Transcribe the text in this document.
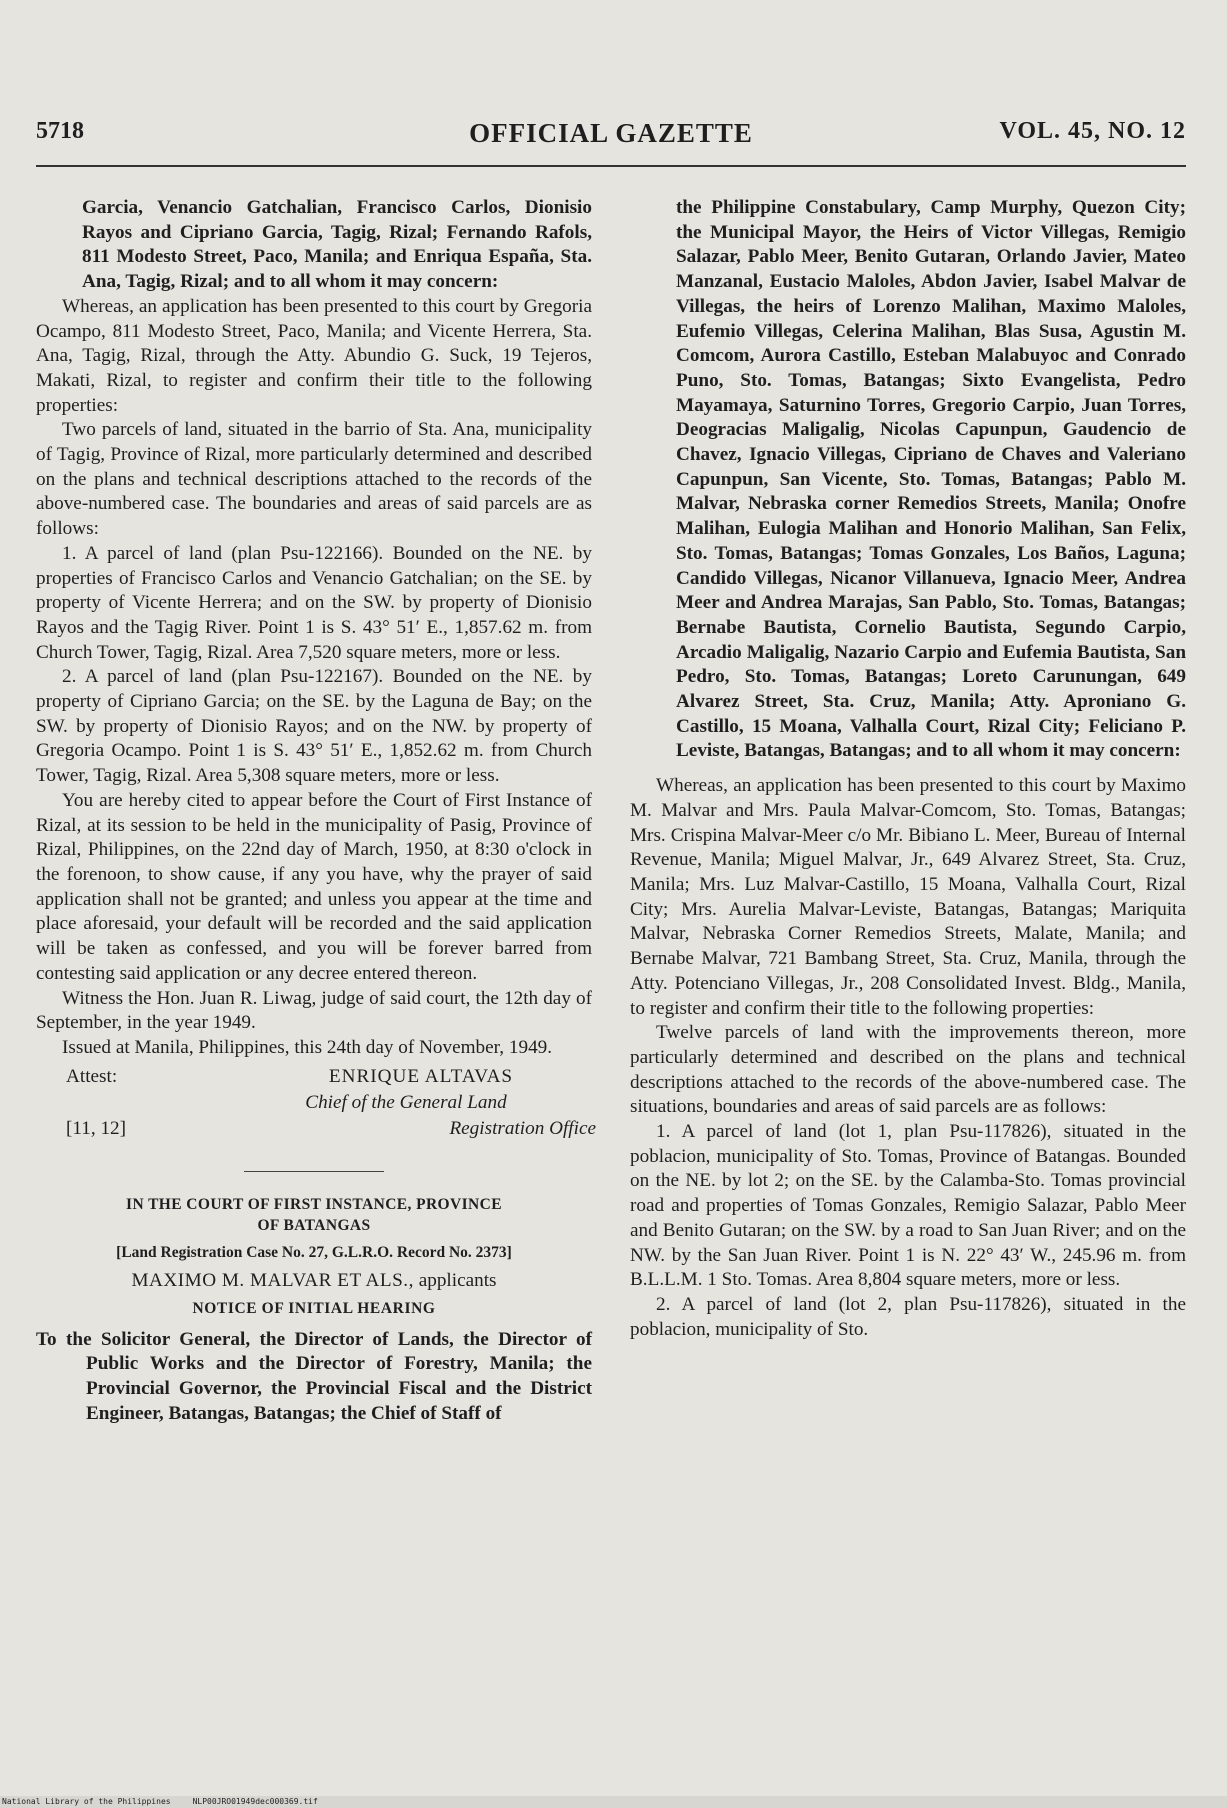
5718	OFFICIAL GAZETTE	VOL. 45, NO. 12

Garcia, Venancio Gatchalian, Francisco Carlos, Dionisio Rayos and Cipriano Garcia, Tagig, Rizal; Fernando Rafols, 811 Modesto Street, Paco, Manila; and Enriqua España, Sta. Ana, Tagig, Rizal; and to all whom it may concern:

Whereas, an application has been presented to this court by Gregoria Ocampo, 811 Modesto Street, Paco, Manila; and Vicente Herrera, Sta. Ana, Tagig, Rizal, through the Atty. Abundio G. Suck, 19 Tejeros, Makati, Rizal, to register and confirm their title to the following properties:

Two parcels of land, situated in the barrio of Sta. Ana, municipality of Tagig, Province of Rizal, more particularly determined and described on the plans and technical descriptions attached to the records of the above-numbered case. The boundaries and areas of said parcels are as follows:

1. A parcel of land (plan Psu-122166). Bounded on the NE. by properties of Francisco Carlos and Venancio Gatchalian; on the SE. by property of Vicente Herrera; and on the SW. by property of Dionisio Rayos and the Tagig River. Point 1 is S. 43° 51′ E., 1,857.62 m. from Church Tower, Tagig, Rizal. Area 7,520 square meters, more or less.

2. A parcel of land (plan Psu-122167). Bounded on the NE. by property of Cipriano Garcia; on the SE. by the Laguna de Bay; on the SW. by property of Dionisio Rayos; and on the NW. by property of Gregoria Ocampo. Point 1 is S. 43° 51′ E., 1,852.62 m. from Church Tower, Tagig, Rizal. Area 5,308 square meters, more or less.

You are hereby cited to appear before the Court of First Instance of Rizal, at its session to be held in the municipality of Pasig, Province of Rizal, Philippines, on the 22nd day of March, 1950, at 8:30 o'clock in the forenoon, to show cause, if any you have, why the prayer of said application shall not be granted; and unless you appear at the time and place aforesaid, your default will be recorded and the said application will be taken as confessed, and you will be forever barred from contesting said application or any decree entered thereon.

Witness the Hon. Juan R. Liwag, judge of said court, the 12th day of September, in the year 1949.

Issued at Manila, Philippines, this 24th day of November, 1949.

Attest:	ENRIQUE ALTAVAS
Chief of the General Land
Registration Office
[11, 12]
IN THE COURT OF FIRST INSTANCE, PROVINCE
OF BATANGAS
[Land Registration Case No. 27, G.L.R.O. Record No. 2373]
MAXIMO M. MALVAR ET ALS., applicants
NOTICE OF INITIAL HEARING

To the Solicitor General, the Director of Lands, the Director of Public Works and the Director of Forestry, Manila; the Provincial Governor, the Provincial Fiscal and the District Engineer, Batangas, Batangas; the Chief of Staff of

the Philippine Constabulary, Camp Murphy, Quezon City; the Municipal Mayor, the Heirs of Victor Villegas, Remigio Salazar, Pablo Meer, Benito Gutaran, Orlando Javier, Mateo Manzanal, Eustacio Maloles, Abdon Javier, Isabel Malvar de Villegas, the heirs of Lorenzo Malihan, Maximo Maloles, Eufemio Villegas, Celerina Malihan, Blas Susa, Agustin M. Comcom, Aurora Castillo, Esteban Malabuyoc and Conrado Puno, Sto. Tomas, Batangas; Sixto Evangelista, Pedro Mayamaya, Saturnino Torres, Gregorio Carpio, Juan Torres, Deogracias Maligalig, Nicolas Capunpun, Gaudencio de Chavez, Ignacio Villegas, Cipriano de Chaves and Valeriano Capunpun, San Vicente, Sto. Tomas, Batangas; Pablo M. Malvar, Nebraska corner Remedios Streets, Manila; Onofre Malihan, Eulogia Malihan and Honorio Malihan, San Felix, Sto. Tomas, Batangas; Tomas Gonzales, Los Baños, Laguna; Candido Villegas, Nicanor Villanueva, Ignacio Meer, Andrea Meer and Andrea Marajas, San Pablo, Sto. Tomas, Batangas; Bernabe Bautista, Cornelio Bautista, Segundo Carpio, Arcadio Maligalig, Nazario Carpio and Eufemia Bautista, San Pedro, Sto. Tomas, Batangas; Loreto Carunungan, 649 Alvarez Street, Sta. Cruz, Manila; Atty. Aproniano G. Castillo, 15 Moana, Valhalla Court, Rizal City; Feliciano P. Leviste, Batangas, Batangas; and to all whom it may concern:

Whereas, an application has been presented to this court by Maximo M. Malvar and Mrs. Paula Malvar-Comcom, Sto. Tomas, Batangas; Mrs. Crispina Malvar-Meer c/o Mr. Bibiano L. Meer, Bureau of Internal Revenue, Manila; Miguel Malvar, Jr., 649 Alvarez Street, Sta. Cruz, Manila; Mrs. Luz Malvar-Castillo, 15 Moana, Valhalla Court, Rizal City; Mrs. Aurelia Malvar-Leviste, Batangas, Batangas; Mariquita Malvar, Nebraska Corner Remedios Streets, Malate, Manila; and Bernabe Malvar, 721 Bambang Street, Sta. Cruz, Manila, through the Atty. Potenciano Villegas, Jr., 208 Consolidated Invest. Bldg., Manila, to register and confirm their title to the following properties:

Twelve parcels of land with the improvements thereon, more particularly determined and described on the plans and technical descriptions attached to the records of the above-numbered case. The situations, boundaries and areas of said parcels are as follows:

1. A parcel of land (lot 1, plan Psu-117826), situated in the poblacion, municipality of Sto. Tomas, Province of Batangas. Bounded on the NE. by lot 2; on the SE. by the Calamba-Sto. Tomas provincial road and properties of Tomas Gonzales, Remigio Salazar, Pablo Meer and Benito Gutaran; on the SW. by a road to San Juan River; and on the NW. by the San Juan River. Point 1 is N. 22° 43′ W., 245.96 m. from B.L.L.M. 1 Sto. Tomas. Area 8,804 square meters, more or less.

2. A parcel of land (lot 2, plan Psu-117826), situated in the poblacion, municipality of Sto.

National Library of the Philippines	NLP00JRO01949dec000369.tif
